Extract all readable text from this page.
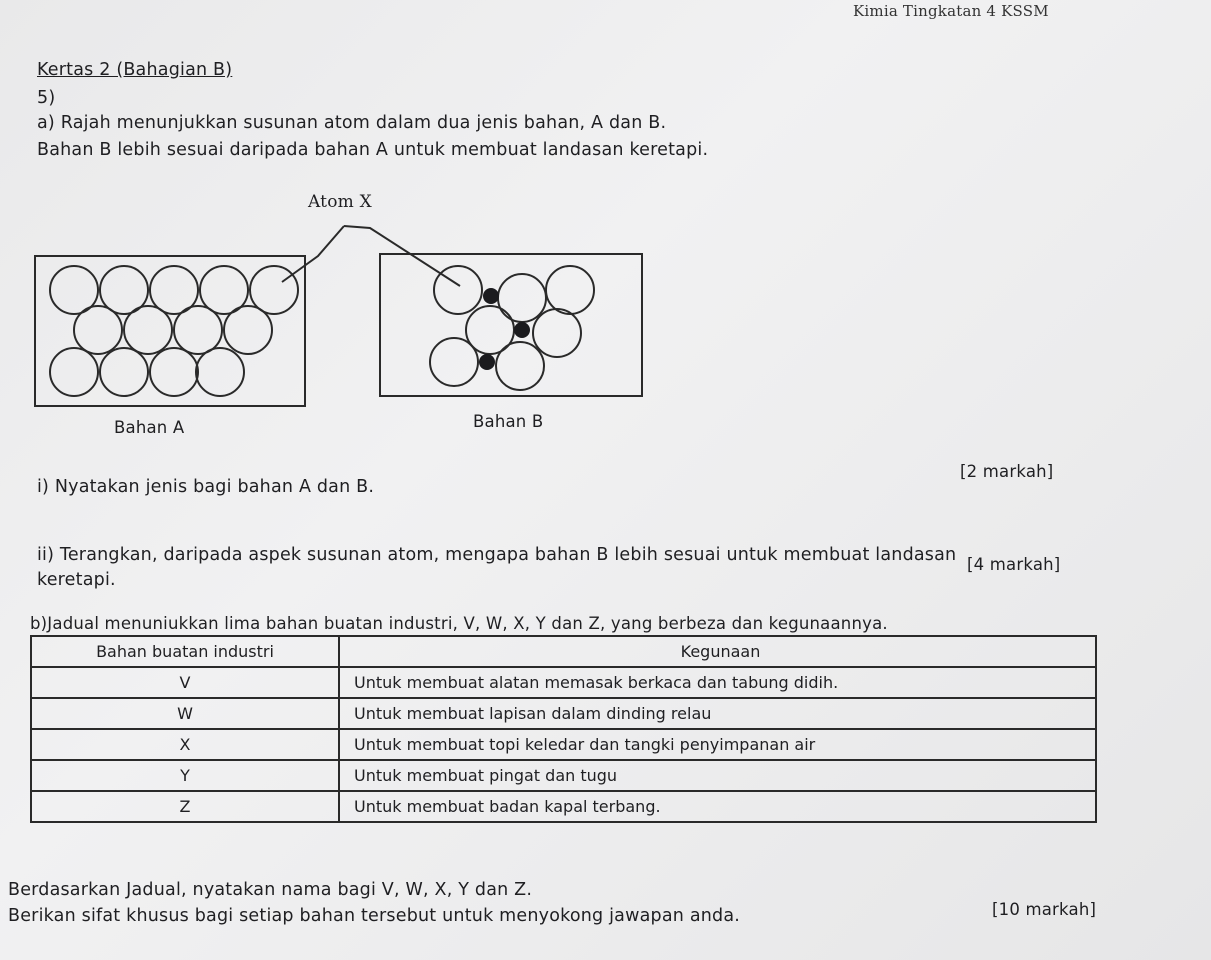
Kimia Tingkatan 4 KSSM
Kertas 2 (Bahagian B)
5)
a) Rajah menunjukkan susunan atom dalam dua jenis bahan, A dan B.
Bahan B lebih sesuai daripada bahan A untuk membuat landasan keretapi.
Atom X
Bahan A	Bahan B
i) Nyatakan jenis bagi bahan A dan B.
[2 markah]
ii) Terangkan, daripada aspek susunan atom, mengapa bahan B lebih sesuai untuk membuat landasan
keretapi.
[4 markah]
b)Jadual menuniukkan lima bahan buatan industri, V, W, X, Y dan Z, yang berbeza dan kegunaannya.
Bahan buatan industri	Kegunaan
V	Untuk membuat alatan memasak berkaca dan tabung didih.
W	Untuk membuat lapisan dalam dinding relau
X	Untuk membuat topi keledar dan tangki penyimpanan air
Y	Untuk membuat pingat dan tugu
Z	Untuk membuat badan kapal terbang.
Berdasarkan Jadual, nyatakan nama bagi V, W, X, Y dan Z.
Berikan sifat khusus bagi setiap bahan tersebut untuk menyokong jawapan anda.	[10 markah]
